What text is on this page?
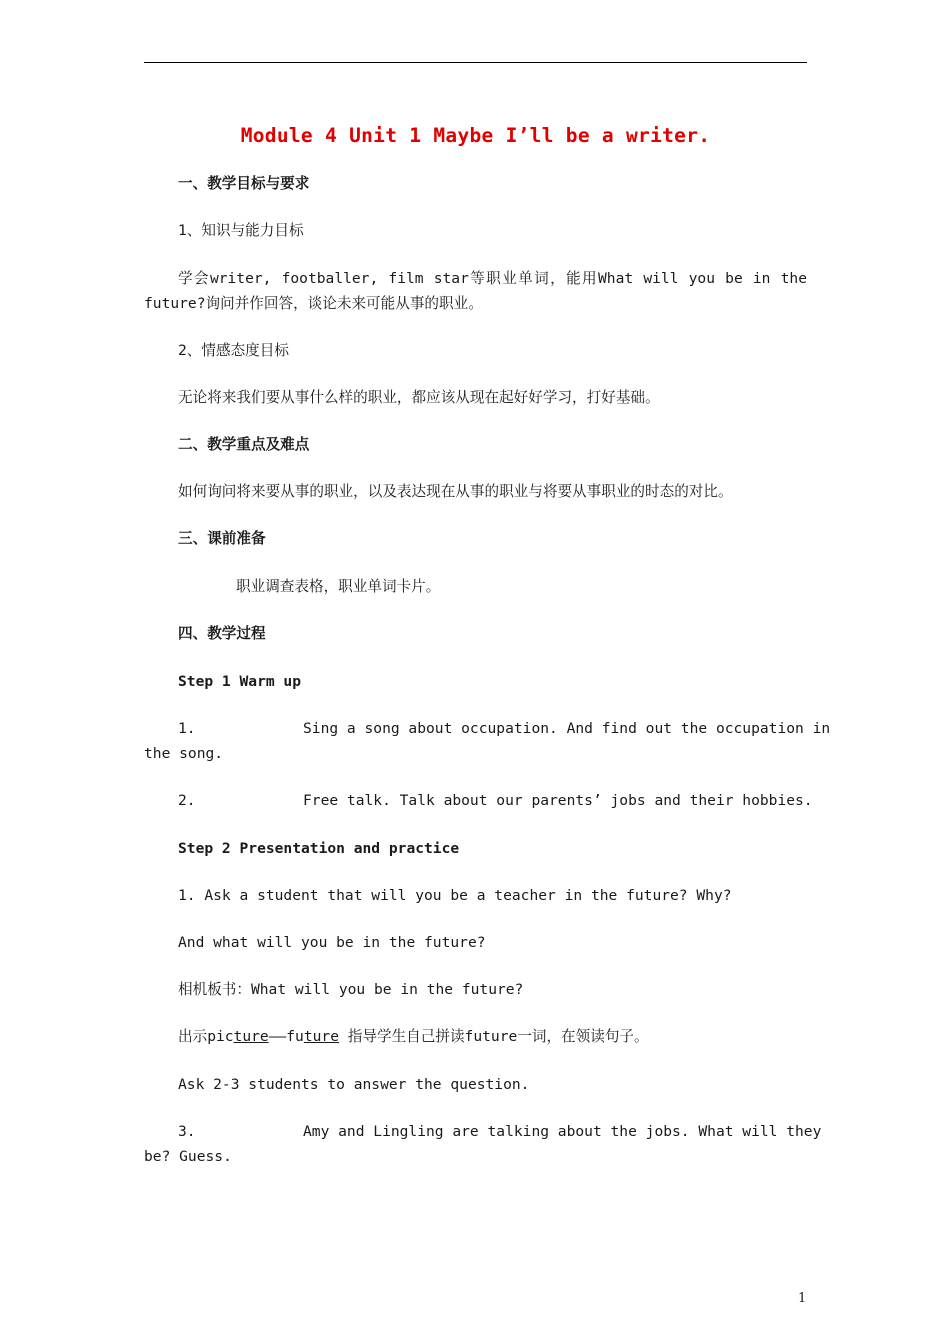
Module 4 Unit 1 Maybe I’ll be a writer.
一、教学目标与要求
1、知识与能力目标
学会writer, footballer, film star等职业单词，能用What will you be in the
future?询问并作回答，谈论未来可能从事的职业。
2、情感态度目标
无论将来我们要从事什么样的职业，都应该从现在起好好学习，打好基础。
二、教学重点及难点
如何询问将来要从事的职业，以及表达现在从事的职业与将要从事职业的时态的对比。
三、课前准备
职业调查表格，职业单词卡片。
四、教学过程
Step 1 Warm up
1.	Sing a song about occupation. And find out the occupation in
the song.
2.	Free talk. Talk about our parents’ jobs and their hobbies.
Step 2 Presentation and practice
1. Ask a student that will you be a teacher in the future? Why?
And what will you be in the future?
相机板书：What will you be in the future?
出示picture——future 指导学生自己拼读future一词，在领读句子。
Ask 2-3 students to answer the question.
3.	Amy and Lingling are talking about the jobs. What will they
be? Guess.
1
